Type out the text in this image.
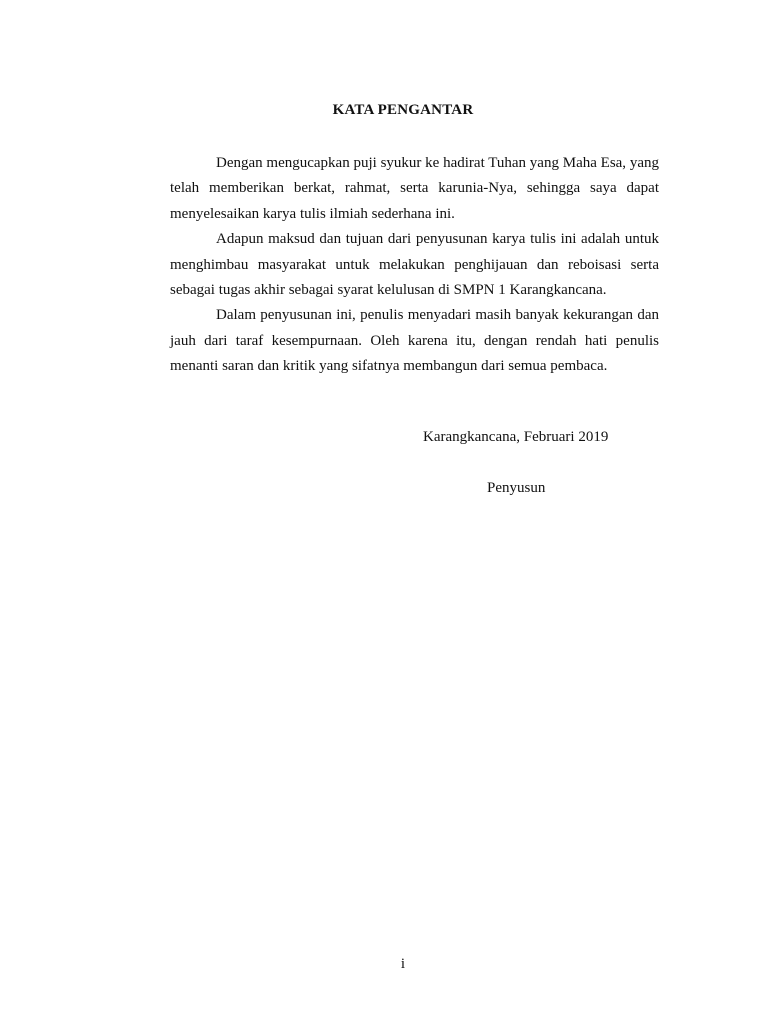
KATA PENGANTAR

Dengan mengucapkan puji syukur ke hadirat Tuhan yang Maha Esa, yang telah memberikan berkat, rahmat, serta karunia-Nya, sehingga saya dapat menyelesaikan karya tulis ilmiah sederhana ini.

Adapun maksud dan tujuan dari penyusunan karya tulis ini adalah untuk menghimbau masyarakat untuk melakukan penghijauan dan reboisasi serta sebagai tugas akhir sebagai syarat kelulusan di SMPN 1 Karangkancana.

Dalam penyusunan ini, penulis menyadari masih banyak kekurangan dan jauh dari taraf kesempurnaan. Oleh karena itu, dengan rendah hati penulis menanti saran dan kritik yang sifatnya membangun dari semua pembaca.

Karangkancana, Februari 2019
Penyusun
i
